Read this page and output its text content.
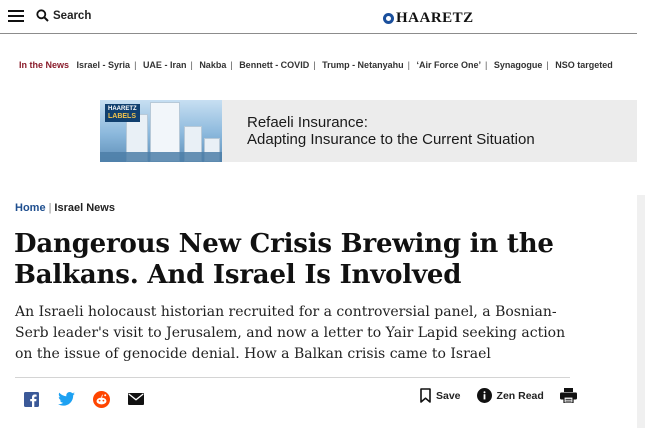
Search	HAARETZ
In the News Israel - Syria | UAE - Iran | Nakba | Bennett - COVID | Trump - Netanyahu | ‘Air Force One’ | Synagogue | NSO targeted
HAARETZ
LABELS	Refaeli Insurance:
Adapting Insurance to the Current Situation
Home | Israel News
Dangerous New Crisis Brewing in the Balkans. And Israel Is Involved

An Israeli holocaust historian recruited for a controversial panel, a Bosnian-Serb leader's visit to Jerusalem, and now a letter to Yair Lapid seeking action on the issue of genocide denial. How a Balkan crisis came to Israel

Save	Zen Read
